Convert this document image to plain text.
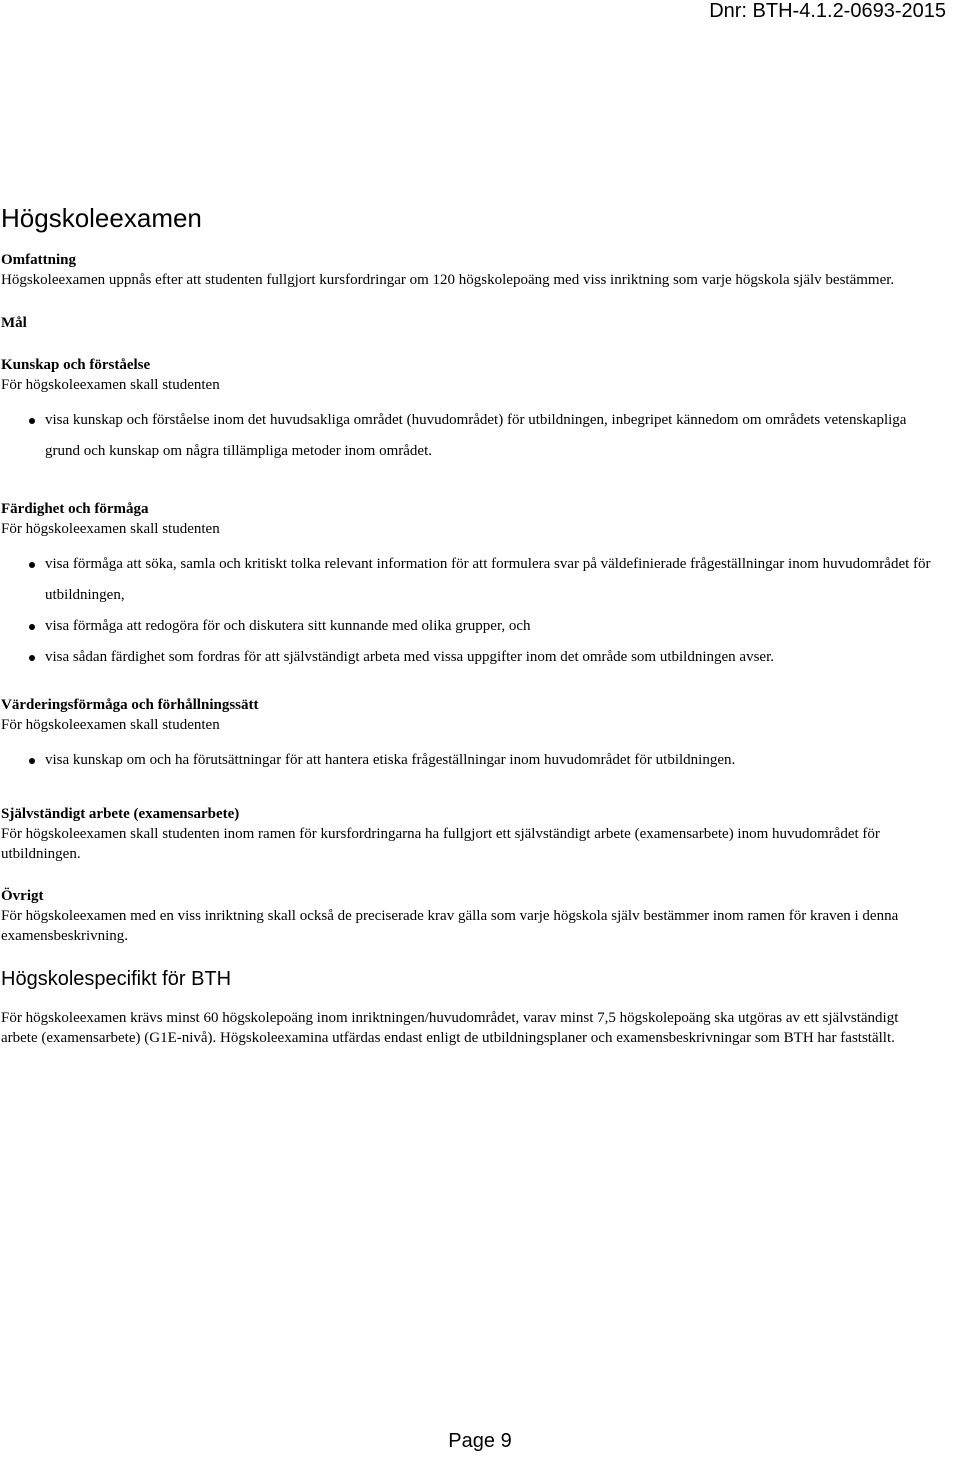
Dnr: BTH-4.1.2-0693-2015
Högskoleexamen

Omfattning

Högskoleexamen uppnås efter att studenten fullgjort kursfordringar om 120 högskolepoäng med viss inriktning som varje högskola själv bestämmer.

Mål

Kunskap och förståelse

För högskoleexamen skall studenten

visa kunskap och förståelse inom det huvudsakliga området (huvudområdet) för utbildningen, inbegripet kännedom om områdets vetenskapliga grund och kunskap om några tillämpliga metoder inom området.

Färdighet och förmåga

För högskoleexamen skall studenten

visa förmåga att söka, samla och kritiskt tolka relevant information för att formulera svar på väldefinierade frågeställningar inom huvudområdet för utbildningen,
visa förmåga att redogöra för och diskutera sitt kunnande med olika grupper, och
visa sådan färdighet som fordras för att självständigt arbeta med vissa uppgifter inom det område som utbildningen avser.

Värderingsförmåga och förhållningssätt

För högskoleexamen skall studenten

visa kunskap om och ha förutsättningar för att hantera etiska frågeställningar inom huvudområdet för utbildningen.

Självständigt arbete (examensarbete)

För högskoleexamen skall studenten inom ramen för kursfordringarna ha fullgjort ett självständigt arbete (examensarbete) inom huvudområdet för utbildningen.

Övrigt

För högskoleexamen med en viss inriktning skall också de preciserade krav gälla som varje högskola själv bestämmer inom ramen för kraven i denna examensbeskrivning.

Högskolespecifikt för BTH

För högskoleexamen krävs minst 60 högskolepoäng inom inriktningen/huvudområdet, varav minst 7,5 högskolepoäng ska utgöras av ett självständigt arbete (examensarbete) (G1E-nivå). Högskoleexamina utfärdas endast enligt de utbildningsplaner och examensbeskrivningar som BTH har fastställt.

Page 9
